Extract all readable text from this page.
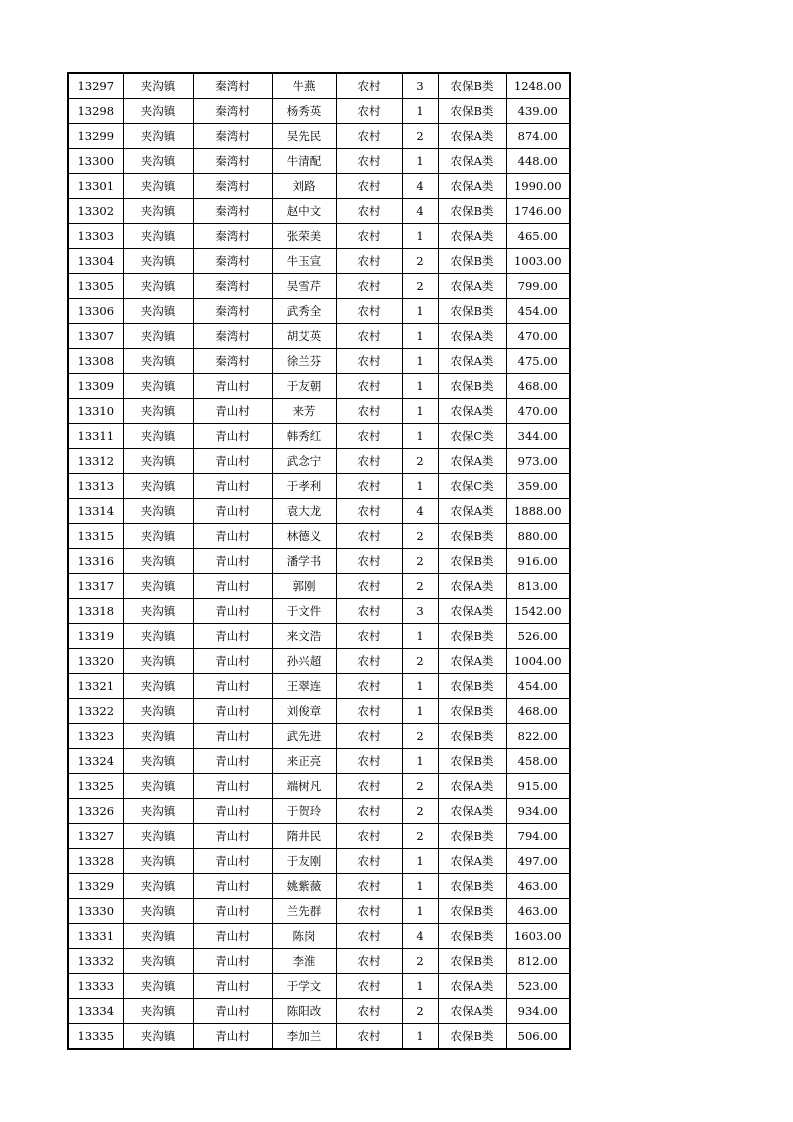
13297	夹沟镇	秦湾村	牛燕	农村	3	农保B类	1248.00
13298	夹沟镇	秦湾村	杨秀英	农村	1	农保B类	439.00
13299	夹沟镇	秦湾村	吴先民	农村	2	农保A类	874.00
13300	夹沟镇	秦湾村	牛清配	农村	1	农保A类	448.00
13301	夹沟镇	秦湾村	刘路	农村	4	农保A类	1990.00
13302	夹沟镇	秦湾村	赵中文	农村	4	农保B类	1746.00
13303	夹沟镇	秦湾村	张荣美	农村	1	农保A类	465.00
13304	夹沟镇	秦湾村	牛玉宣	农村	2	农保B类	1003.00
13305	夹沟镇	秦湾村	吴雪芹	农村	2	农保A类	799.00
13306	夹沟镇	秦湾村	武秀全	农村	1	农保B类	454.00
13307	夹沟镇	秦湾村	胡艾英	农村	1	农保A类	470.00
13308	夹沟镇	秦湾村	徐兰芬	农村	1	农保A类	475.00
13309	夹沟镇	青山村	于友朝	农村	1	农保B类	468.00
13310	夹沟镇	青山村	来芳	农村	1	农保A类	470.00
13311	夹沟镇	青山村	韩秀红	农村	1	农保C类	344.00
13312	夹沟镇	青山村	武念宁	农村	2	农保A类	973.00
13313	夹沟镇	青山村	于孝利	农村	1	农保C类	359.00
13314	夹沟镇	青山村	袁大龙	农村	4	农保A类	1888.00
13315	夹沟镇	青山村	林德义	农村	2	农保B类	880.00
13316	夹沟镇	青山村	潘学书	农村	2	农保B类	916.00
13317	夹沟镇	青山村	郭刚	农村	2	农保A类	813.00
13318	夹沟镇	青山村	于文件	农村	3	农保A类	1542.00
13319	夹沟镇	青山村	来文浩	农村	1	农保B类	526.00
13320	夹沟镇	青山村	孙兴超	农村	2	农保A类	1004.00
13321	夹沟镇	青山村	王翠连	农村	1	农保B类	454.00
13322	夹沟镇	青山村	刘俊章	农村	1	农保B类	468.00
13323	夹沟镇	青山村	武先进	农村	2	农保B类	822.00
13324	夹沟镇	青山村	来正亮	农村	1	农保B类	458.00
13325	夹沟镇	青山村	端树凡	农村	2	农保A类	915.00
13326	夹沟镇	青山村	于贺玲	农村	2	农保A类	934.00
13327	夹沟镇	青山村	隋井民	农村	2	农保B类	794.00
13328	夹沟镇	青山村	于友刚	农村	1	农保A类	497.00
13329	夹沟镇	青山村	姚紫薇	农村	1	农保B类	463.00
13330	夹沟镇	青山村	兰先群	农村	1	农保B类	463.00
13331	夹沟镇	青山村	陈岗	农村	4	农保B类	1603.00
13332	夹沟镇	青山村	李淮	农村	2	农保B类	812.00
13333	夹沟镇	青山村	于学文	农村	1	农保A类	523.00
13334	夹沟镇	青山村	陈阳改	农村	2	农保A类	934.00
13335	夹沟镇	青山村	李加兰	农村	1	农保B类	506.00
